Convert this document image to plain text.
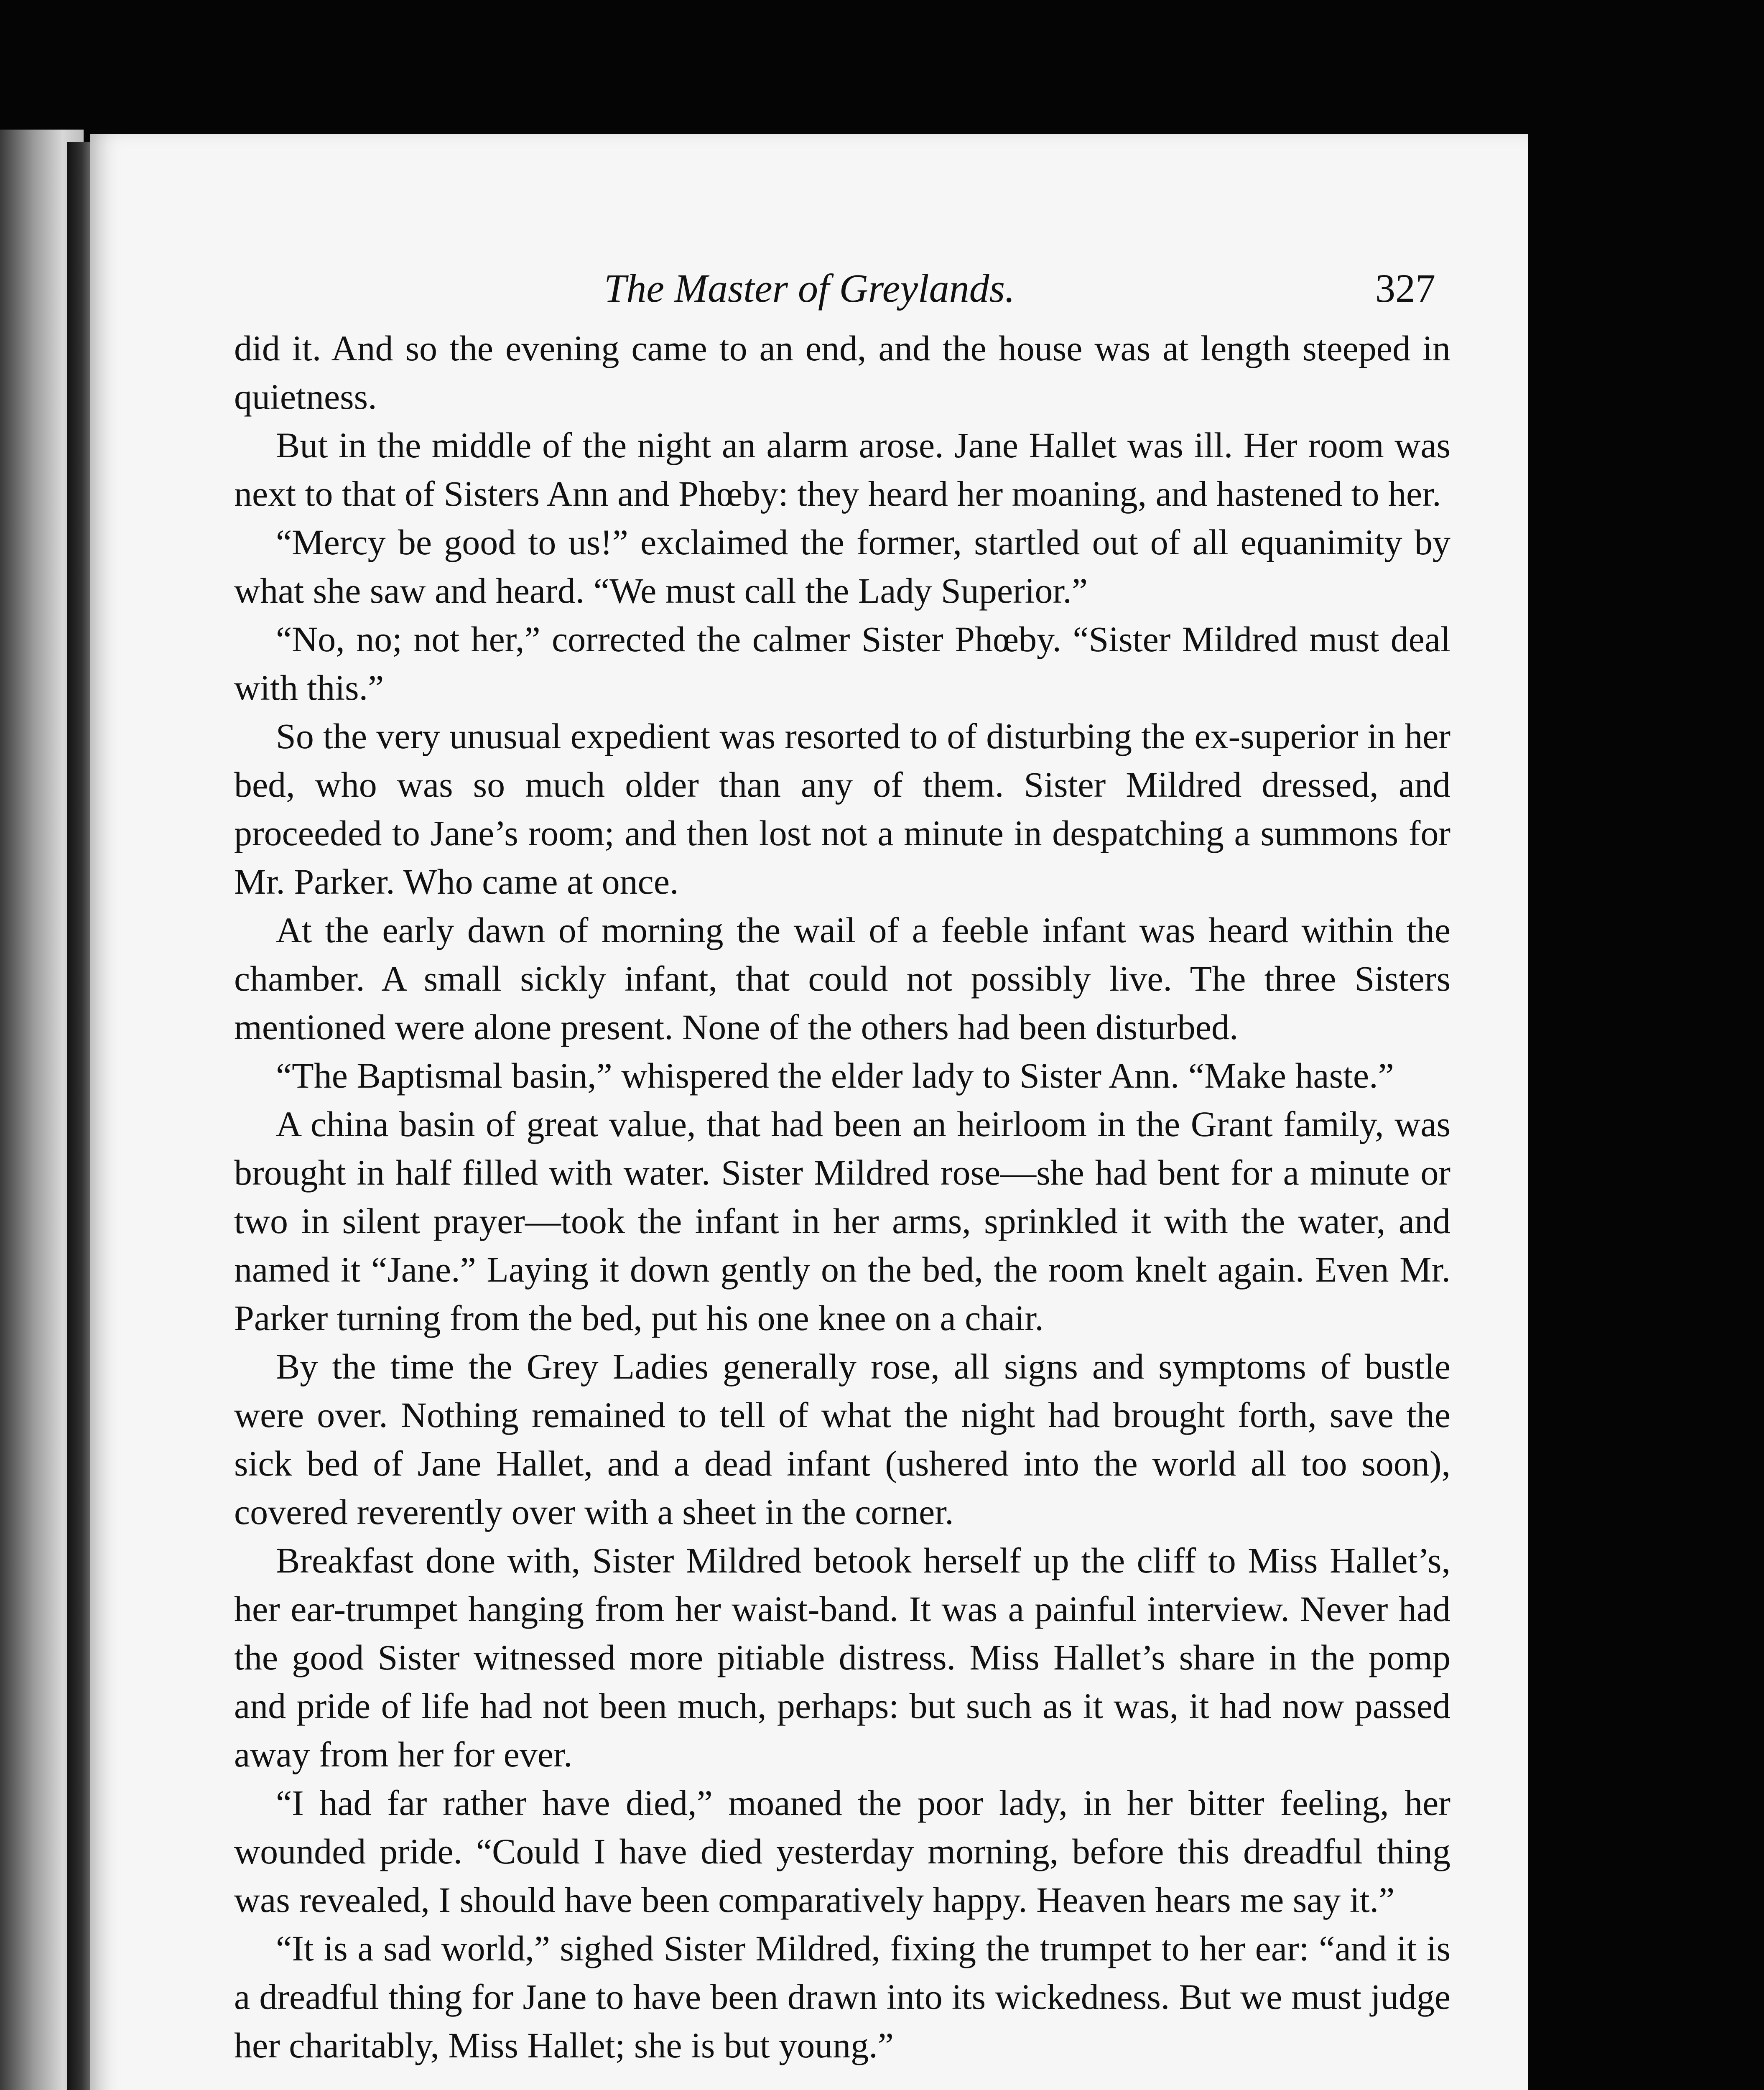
The Master of Greylands.	327

did it. And so the evening came to an end, and the house was at length steeped in quietness.

But in the middle of the night an alarm arose. Jane Hallet was ill. Her room was next to that of Sisters Ann and Phœby: they heard her moaning, and hastened to her.

“Mercy be good to us!” exclaimed the former, startled out of all equanimity by what she saw and heard. “We must call the Lady Superior.”

“No, no; not her,” corrected the calmer Sister Phœby. “Sister Mildred must deal with this.”

So the very unusual expedient was resorted to of disturbing the ex-superior in her bed, who was so much older than any of them. Sister Mildred dressed, and proceeded to Jane’s room; and then lost not a minute in despatching a summons for Mr. Parker. Who came at once.

At the early dawn of morning the wail of a feeble infant was heard within the chamber. A small sickly infant, that could not possibly live. The three Sisters mentioned were alone present. None of the others had been disturbed.

“The Baptismal basin,” whispered the elder lady to Sister Ann. “Make haste.”

A china basin of great value, that had been an heirloom in the Grant family, was brought in half filled with water. Sister Mildred rose—she had bent for a minute or two in silent prayer—took the infant in her arms, sprinkled it with the water, and named it “Jane.” Laying it down gently on the bed, the room knelt again. Even Mr. Parker turning from the bed, put his one knee on a chair.

By the time the Grey Ladies generally rose, all signs and symptoms of bustle were over. Nothing remained to tell of what the night had brought forth, save the sick bed of Jane Hallet, and a dead infant (ushered into the world all too soon), covered reverently over with a sheet in the corner.

Breakfast done with, Sister Mildred betook herself up the cliff to Miss Hallet’s, her ear-trumpet hanging from her waist-band. It was a painful interview. Never had the good Sister witnessed more pitiable distress. Miss Hallet’s share in the pomp and pride of life had not been much, perhaps: but such as it was, it had now passed away from her for ever.

“I had far rather have died,” moaned the poor lady, in her bitter feeling, her wounded pride. “Could I have died yesterday morning, before this dreadful thing was revealed, I should have been comparatively happy. Heaven hears me say it.”

“It is a sad world,” sighed Sister Mildred, fixing the trumpet to her ear: “and it is a dreadful thing for Jane to have been drawn into its wickedness. But we must judge her charitably, Miss Hallet; she is but young.”
